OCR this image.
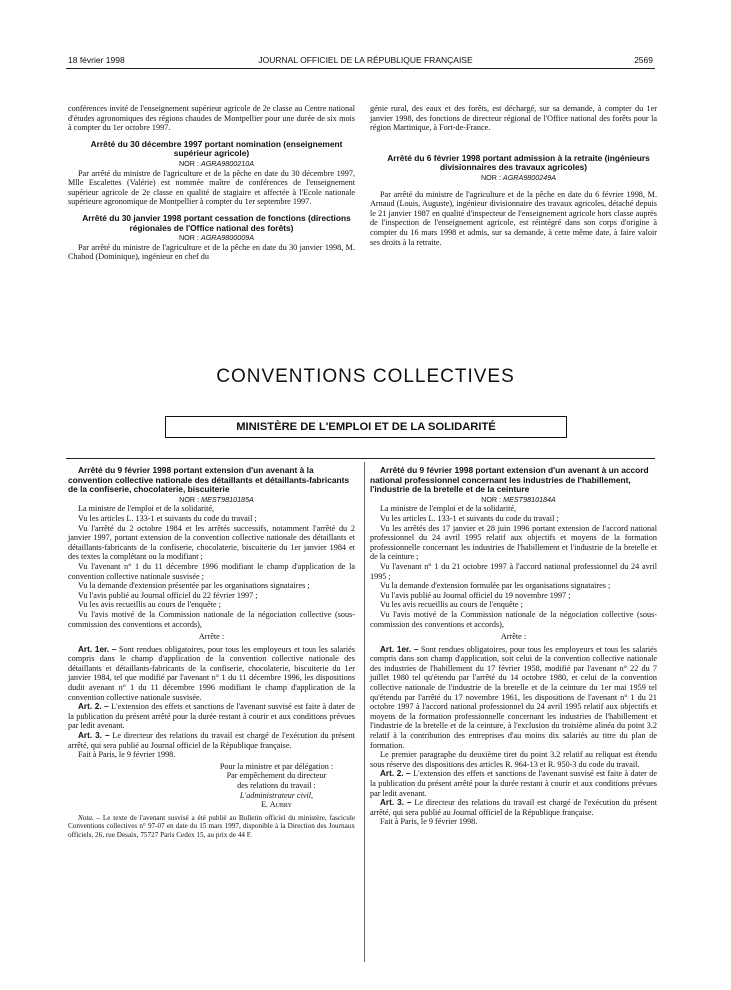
18 février 1998	JOURNAL OFFICIEL DE LA RÉPUBLIQUE FRANÇAISE	2569

conférences invité de l'enseignement supérieur agricole de 2e classe au Centre national d'études agronomiques des régions chaudes de Montpellier pour une durée de six mois à compter du 1er octobre 1997.

Arrêté du 30 décembre 1997 portant nomination (enseignement supérieur agricole)

NOR : AGRA9800210A

Par arrêté du ministre de l'agriculture et de la pêche en date du 30 décembre 1997, Mlle Escalettes (Valérie) est nommée maître de conférences de l'enseignement supérieur agricole de 2e classe en qualité de stagiaire et affectée à l'Ecole nationale supérieure agronomique de Montpellier à compter du 1er septembre 1997.

Arrêté du 30 janvier 1998 portant cessation de fonctions (directions régionales de l'Office national des forêts)

NOR : AGRA9800009A

Par arrêté du ministre de l'agriculture et de la pêche en date du 30 janvier 1998, M. Chabod (Dominique), ingénieur en chef du

génie rural, des eaux et des forêts, est déchargé, sur sa demande, à compter du 1er janvier 1998, des fonctions de directeur régional de l'Office national des forêts pour la région Martinique, à Fort-de-France.

Arrêté du 6 février 1998 portant admission à la retraite (ingénieurs divisionnaires des travaux agricoles)

NOR : AGRA9800249A

Par arrêté du ministre de l'agriculture et de la pêche en date du 6 février 1998, M. Arnaud (Louis, Auguste), ingénieur divisionnaire des travaux agricoles, détaché depuis le 21 janvier 1987 en qualité d'inspecteur de l'enseignement agricole hors classe auprès de l'inspection de l'enseignement agricole, est réintégré dans son corps d'origine à compter du 16 mars 1998 et admis, sur sa demande, à cette même date, à faire valoir ses droits à la retraite.

CONVENTIONS COLLECTIVES
MINISTÈRE DE L'EMPLOI ET DE LA SOLIDARITÉ

Arrêté du 9 février 1998 portant extension d'un avenant à la convention collective nationale des détaillants et détaillants-fabricants de la confiserie, chocolaterie, biscuiterie

NOR : MEST9810185A

La ministre de l'emploi et de la solidarité,

Vu les articles L. 133-1 et suivants du code du travail ;

Vu l'arrêté du 2 octobre 1984 et les arrêtés successifs, notamment l'arrêté du 2 janvier 1997, portant extension de la convention collective nationale des détaillants et détaillants-fabricants de la confiserie, chocolaterie, biscuiterie du 1er janvier 1984 et des textes la complétant ou la modifiant ;

Vu l'avenant n° 1 du 11 décembre 1996 modifiant le champ d'application de la convention collective nationale susvisée ;

Vu la demande d'extension présentée par les organisations signataires ;

Vu l'avis publié au Journal officiel du 22 février 1997 ;

Vu les avis recueillis au cours de l'enquête ;

Vu l'avis motivé de la Commission nationale de la négociation collective (sous-commission des conventions et accords),

Arrête :

Art. 1er. – Sont rendues obligatoires, pour tous les employeurs et tous les salariés compris dans le champ d'application de la convention collective nationale des détaillants et détaillants-fabricants de la confiserie, chocolaterie, biscuiterie du 1er janvier 1984, tel que modifié par l'avenant n° 1 du 11 décembre 1996, les dispositions dudit avenant n° 1 du 11 décembre 1996 modifiant le champ d'application de la convention collective nationale susvisée.

Art. 2. – L'extension des effets et sanctions de l'avenant susvisé est faite à dater de la publication du présent arrêté pour la durée restant à courir et aux conditions prévues par ledit avenant.

Art. 3. – Le directeur des relations du travail est chargé de l'exécution du présent arrêté, qui sera publié au Journal officiel de la République française.

Fait à Paris, le 9 février 1998.

Pour la ministre et par délégation :

Par empêchement du directeur

des relations du travail :

L'administrateur civil,

E. Aubry

Nota. – Le texte de l'avenant susvisé a été publié au Bulletin officiel du ministère, fascicule Conventions collectives n° 97-07 en date du 15 mars 1997, disponible à la Direction des Journaux officiels, 26, rue Desaix, 75727 Paris Cedex 15, au prix de 44 F.

Arrêté du 9 février 1998 portant extension d'un avenant à un accord national professionnel concernant les industries de l'habillement, l'industrie de la bretelle et de la ceinture

NOR : MEST9810184A

La ministre de l'emploi et de la solidarité,

Vu les articles L. 133-1 et suivants du code du travail ;

Vu les arrêtés des 17 janvier et 28 juin 1996 portant extension de l'accord national professionnel du 24 avril 1995 relatif aux objectifs et moyens de la formation professionnelle concernant les industries de l'habillement et l'industrie de la bretelle et de la ceinture ;

Vu l'avenant n° 1 du 21 octobre 1997 à l'accord national professionnel du 24 avril 1995 ;

Vu la demande d'extension formulée par les organisations signataires ;

Vu l'avis publié au Journal officiel du 19 novembre 1997 ;

Vu les avis recueillis au cours de l'enquête ;

Vu l'avis motivé de la Commission nationale de la négociation collective (sous-commission des conventions et accords),

Arrête :

Art. 1er. – Sont rendues obligatoires, pour tous les employeurs et tous les salariés compris dans son champ d'application, soit celui de la convention collective nationale des industries de l'habillement du 17 février 1958, modifié par l'avenant n° 22 du 7 juillet 1980 tel qu'étendu par l'arrêté du 14 octobre 1980, et celui de la convention collective nationale de l'industrie de la bretelle et de la ceinture du 1er mai 1959 tel qu'étendu par l'arrêté du 17 novembre 1961, les dispositions de l'avenant n° 1 du 21 octobre 1997 à l'accord national professionnel du 24 avril 1995 relatif aux objectifs et moyens de la formation professionnelle concernant les industries de l'habillement et l'industrie de la bretelle et de la ceinture, à l'exclusion du troisième alinéa du point 3.2 relatif à la contribution des entreprises d'au moins dix salariés au titre du plan de formation.

Le premier paragraphe du deuxième tiret du point 3.2 relatif au reliquat est étendu sous réserve des dispositions des articles R. 964-13 et R. 950-3 du code du travail.

Art. 2. – L'extension des effets et sanctions de l'avenant susvisé est faite à dater de la publication du présent arrêté pour la durée restant à courir et aux conditions prévues par ledit avenant.

Art. 3. – Le directeur des relations du travail est chargé de l'exécution du présent arrêté, qui sera publié au Journal officiel de la République française.

Fait à Paris, le 9 février 1998.
